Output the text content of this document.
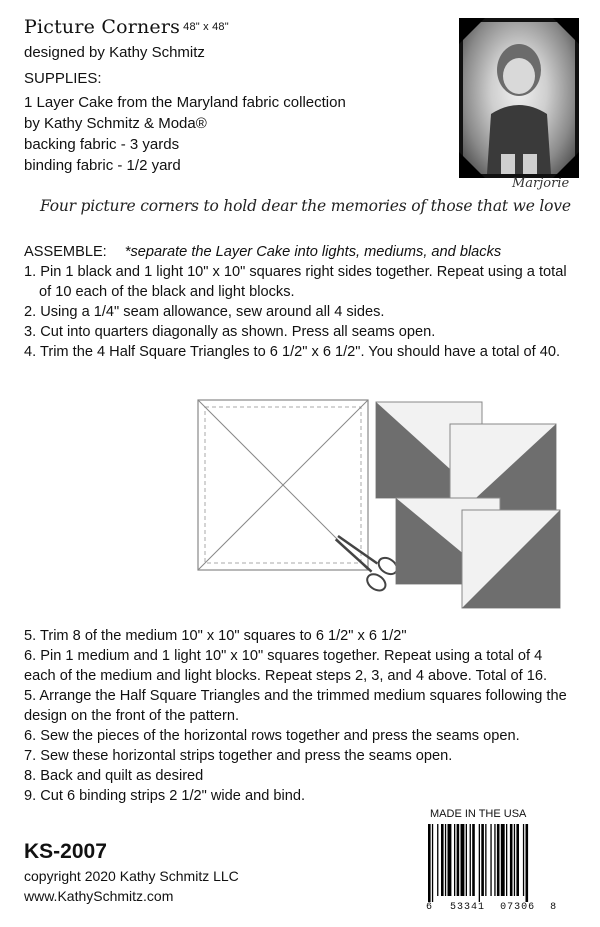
Picture Corners 48" x 48"
designed by Kathy Schmitz
SUPPLIES:
1 Layer Cake from the Maryland fabric collection
by Kathy Schmitz & Moda®
backing fabric - 3 yards
binding fabric - 1/2 yard
Marjorie
Four picture corners to hold dear the memories of those that we love
ASSEMBLE: *separate the Layer Cake into lights, mediums, and blacks
1. Pin 1 black and 1 light 10" x 10" squares right sides together. Repeat using a total
of 10 each of the black and light blocks.
2. Using a 1/4" seam allowance, sew around all 4 sides.
3. Cut into quarters diagonally as shown. Press all seams open.
4. Trim the 4 Half Square Triangles to 6 1/2" x 6 1/2". You should have a total of 40.
5. Trim 8 of the medium 10" x 10" squares to 6 1/2" x 6 1/2"
6. Pin 1 medium and 1 light 10" x 10" squares together. Repeat using a total of 4
each of the medium and light blocks. Repeat steps 2, 3, and 4 above. Total of 16.
5. Arrange the Half Square Triangles and the trimmed medium squares following the
design on the front of the pattern.
6. Sew the pieces of the horizontal rows together and press the seams open.
7. Sew these horizontal strips together and press the seams open.
8. Back and quilt as desired
9. Cut 6 binding strips 2 1/2" wide and bind.
KS-2007
copyright 2020 Kathy Schmitz LLC
www.KathySchmitz.com
MADE IN THE USA
6 53341 07306 8
